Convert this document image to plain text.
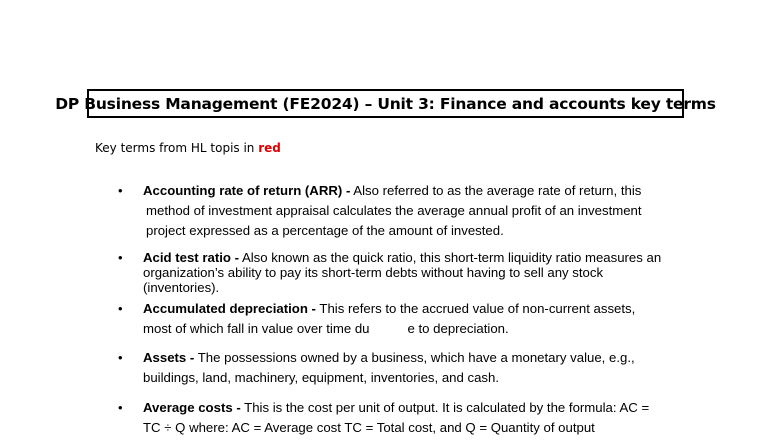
DP Business Management (FE2024) – Unit 3: Finance and accounts key terms
Key terms from HL topis in red
• Accounting rate of return (ARR) - Also referred to as the average rate of return, this
method of investment appraisal calculates the average annual profit of an investment
project expressed as a percentage of the amount of invested.
• Acid test ratio - Also known as the quick ratio, this short-term liquidity ratio measures an
organization’s ability to pay its short-term debts without having to sell any stock
(inventories).
• Accumulated depreciation - This refers to the accrued value of non-current assets,
most of which fall in value over time du	e to depreciation.
• Assets - The possessions owned by a business, which have a monetary value, e.g.,
buildings, land, machinery, equipment, inventories, and cash.
• Average costs - This is the cost per unit of output. It is calculated by the formula: AC =
TC ÷ Q where: AC = Average cost TC = Total cost, and Q = Quantity of output
